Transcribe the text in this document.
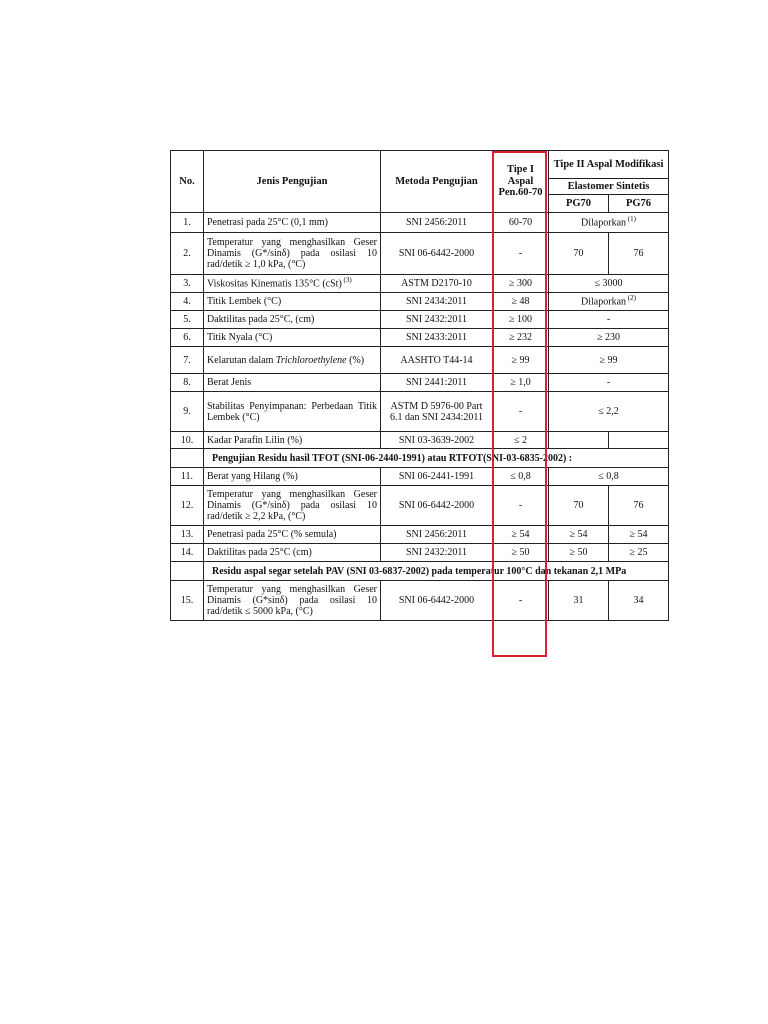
No.	Jenis Pengujian	Metoda Pengujian	Tipe I Aspal Pen.60-70	Tipe II Aspal Modifikasi	
				Elastomer Sintetis	
				PG70	PG76
1.	Penetrasi pada 25°C (0,1 mm)	SNI 2456:2011	60-70	Dilaporkan $^{(1)}$
2.	Temperatur yang menghasilkan Geser Dinamis (G*/sinδ) pada osilasi 10 rad/detik ≥ 1,0 kPa, (°C)	SNI 06-6442-2000	-	70	76
3.	Viskositas Kinematis 135°C (cSt) $^{(3)}$	ASTM D2170-10	≥ 300	≤ 3000	
4.	Titik Lembek (°C)	SNI 2434:2011	≥ 48	Dilaporkan $^{(2)}$
5.	Daktilitas pada 25°C, (cm)	SNI 2432:2011	≥ 100	-	
6.	Titik Nyala (°C)	SNI 2433:2011	≥ 232	≥ 230	
7.	Kelarutan dalam Trichloroethylene (%)	AASHTO T44-14	≥ 99	≥ 99	
8.	Berat Jenis	SNI 2441:2011	≥ 1,0	-	
9.	Stabilitas Penyimpanan: Perbedaan Titik Lembek (°C)	ASTM D 5976-00 Part 6.1 dan SNI 2434:2011	-	≤ 2,2	
10.	Kadar Parafin Lilin (%)	SNI 03-3639-2002	≤ 2		
	Pengujian Residu hasil TFOT (SNI-06-2440-1991) atau RTFOT(SNI-03-6835-2002) :				
11.	Berat yang Hilang (%)	SNI 06-2441-1991	≤ 0,8	≤ 0,8	
12.	Temperatur yang menghasilkan Geser Dinamis (G*/sinδ) pada osilasi 10 rad/detik ≥ 2,2 kPa, (°C)	SNI 06-6442-2000	-	70	76
13.	Penetrasi pada 25°C (% semula)	SNI 2456:2011	≥ 54	≥ 54	≥ 54
14.	Daktilitas pada 25°C (cm)	SNI 2432:2011	≥ 50	≥ 50	≥ 25
	Residu aspal segar setelah PAV (SNI 03-6837-2002) pada temperatur 100°C dan tekanan 2,1 MPa				
15.	Temperatur yang menghasilkan Geser Dinamis (G*sinδ) pada osilasi 10 rad/detik ≤ 5000 kPa, (°C)	SNI 06-6442-2000	-	31	34
